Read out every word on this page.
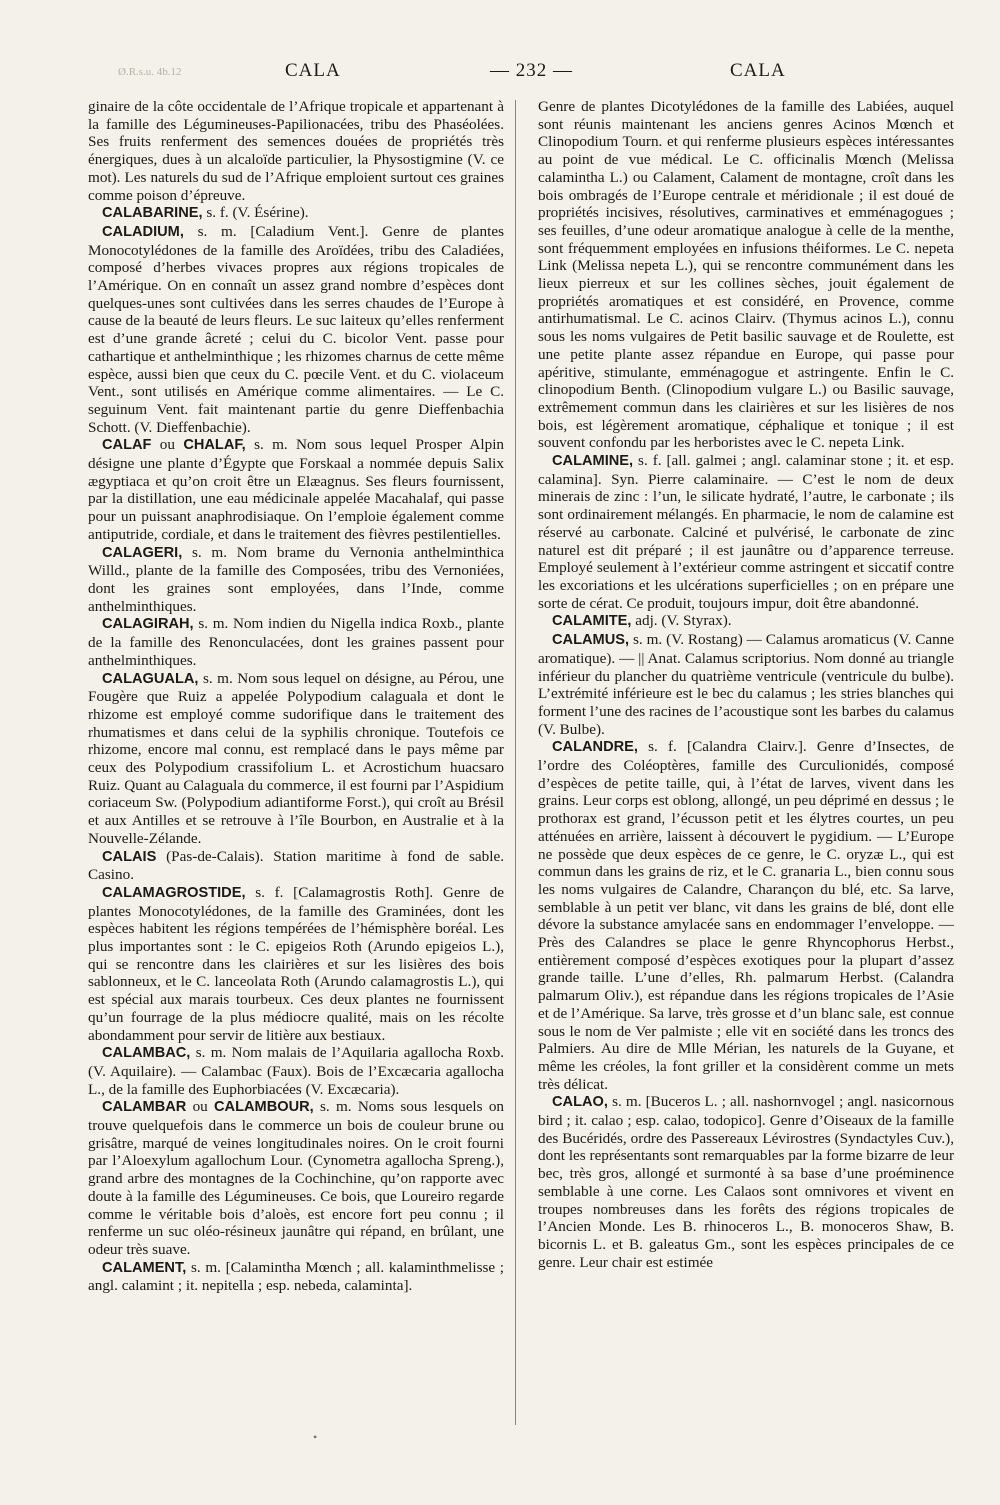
Ø.R.s.u. 4b.12	CALA	— 232 —	CALA

ginaire de la côte occidentale de l’Afrique tropicale et appartenant à la famille des Légumineuses-Papilionacées, tribu des Phaséolées. Ses fruits renferment des semences douées de propriétés très énergiques, dues à un alcaloïde particulier, la Physostigmine (V. ce mot). Les naturels du sud de l’Afrique emploient surtout ces graines comme poison d’épreuve.

CALABARINE, s. f. (V. Ésérine).

CALADIUM, s. m. [Caladium Vent.]. Genre de plantes Monocotylédones de la famille des Aroïdées, tribu des Caladiées, composé d’herbes vivaces propres aux régions tropicales de l’Amérique. On en connaît un assez grand nombre d’espèces dont quelques-unes sont cultivées dans les serres chaudes de l’Europe à cause de la beauté de leurs fleurs. Le suc laiteux qu’elles renferment est d’une grande âcreté ; celui du C. bicolor Vent. passe pour cathartique et anthelminthique ; les rhizomes charnus de cette même espèce, aussi bien que ceux du C. pœcile Vent. et du C. violaceum Vent., sont utilisés en Amérique comme alimentaires. — Le C. seguinum Vent. fait maintenant partie du genre Dieffenbachia Schott. (V. Dieffenbachie).

CALAF ou CHALAF, s. m. Nom sous lequel Prosper Alpin désigne une plante d’Égypte que Forskaal a nommée depuis Salix ægyptiaca et qu’on croit être un Elæagnus. Ses fleurs fournissent, par la distillation, une eau médicinale appelée Macahalaf, qui passe pour un puissant anaphrodisiaque. On l’emploie également comme antiputride, cordiale, et dans le traitement des fièvres pestilentielles.

CALAGERI, s. m. Nom brame du Vernonia anthelminthica Willd., plante de la famille des Composées, tribu des Vernoniées, dont les graines sont employées, dans l’Inde, comme anthelminthiques.

CALAGIRAH, s. m. Nom indien du Nigella indica Roxb., plante de la famille des Renonculacées, dont les graines passent pour anthelminthiques.

CALAGUALA, s. m. Nom sous lequel on désigne, au Pérou, une Fougère que Ruiz a appelée Polypodium calaguala et dont le rhizome est employé comme sudorifique dans le traitement des rhumatismes et dans celui de la syphilis chronique. Toutefois ce rhizome, encore mal connu, est remplacé dans le pays même par ceux des Polypodium crassifolium L. et Acrostichum huacsaro Ruiz. Quant au Calaguala du commerce, il est fourni par l’Aspidium coriaceum Sw. (Polypodium adiantiforme Forst.), qui croît au Brésil et aux Antilles et se retrouve à l’île Bourbon, en Australie et à la Nouvelle-Zélande.

CALAIS (Pas-de-Calais). Station maritime à fond de sable. Casino.

CALAMAGROSTIDE, s. f. [Calamagrostis Roth]. Genre de plantes Monocotylédones, de la famille des Graminées, dont les espèces habitent les régions tempérées de l’hémisphère boréal. Les plus importantes sont : le C. epigeios Roth (Arundo epigeios L.), qui se rencontre dans les clairières et sur les lisières des bois sablonneux, et le C. lanceolata Roth (Arundo calamagrostis L.), qui est spécial aux marais tourbeux. Ces deux plantes ne fournissent qu’un fourrage de la plus médiocre qualité, mais on les récolte abondamment pour servir de litière aux bestiaux.

CALAMBAC, s. m. Nom malais de l’Aquilaria agallocha Roxb. (V. Aquilaire). — Calambac (Faux). Bois de l’Excæcaria agallocha L., de la famille des Euphorbiacées (V. Excæcaria).

CALAMBAR ou CALAMBOUR, s. m. Noms sous lesquels on trouve quelquefois dans le commerce un bois de couleur brune ou grisâtre, marqué de veines longitudinales noires. On le croit fourni par l’Aloexylum agallochum Lour. (Cynometra agallocha Spreng.), grand arbre des montagnes de la Cochinchine, qu’on rapporte avec doute à la famille des Légumineuses. Ce bois, que Loureiro regarde comme le véritable bois d’aloès, est encore fort peu connu ; il renferme un suc oléo-résineux jaunâtre qui répand, en brûlant, une odeur très suave.

CALAMENT, s. m. [Calamintha Mœnch ; all. kalaminthmelisse ; angl. calamint ; it. nepitella ; esp. nebeda, calaminta].

Genre de plantes Dicotylédones de la famille des Labiées, auquel sont réunis maintenant les anciens genres Acinos Mœnch et Clinopodium Tourn. et qui renferme plusieurs espèces intéressantes au point de vue médical. Le C. officinalis Mœnch (Melissa calamintha L.) ou Calament, Calament de montagne, croît dans les bois ombragés de l’Europe centrale et méridionale ; il est doué de propriétés incisives, résolutives, carminatives et emménagogues ; ses feuilles, d’une odeur aromatique analogue à celle de la menthe, sont fréquemment employées en infusions théiformes. Le C. nepeta Link (Melissa nepeta L.), qui se rencontre communément dans les lieux pierreux et sur les collines sèches, jouit également de propriétés aromatiques et est considéré, en Provence, comme antirhumatismal. Le C. acinos Clairv. (Thymus acinos L.), connu sous les noms vulgaires de Petit basilic sauvage et de Roulette, est une petite plante assez répandue en Europe, qui passe pour apéritive, stimulante, emménagogue et astringente. Enfin le C. clinopodium Benth. (Clinopodium vulgare L.) ou Basilic sauvage, extrêmement commun dans les clairières et sur les lisières de nos bois, est légèrement aromatique, céphalique et tonique ; il est souvent confondu par les herboristes avec le C. nepeta Link.

CALAMINE, s. f. [all. galmei ; angl. calaminar stone ; it. et esp. calamina]. Syn. Pierre calaminaire. — C’est le nom de deux minerais de zinc : l’un, le silicate hydraté, l’autre, le carbonate ; ils sont ordinairement mélangés. En pharmacie, le nom de calamine est réservé au carbonate. Calciné et pulvérisé, le carbonate de zinc naturel est dit préparé ; il est jaunâtre ou d’apparence terreuse. Employé seulement à l’extérieur comme astringent et siccatif contre les excoriations et les ulcérations superficielles ; on en prépare une sorte de cérat. Ce produit, toujours impur, doit être abandonné.

CALAMITE, adj. (V. Styrax).

CALAMUS, s. m. (V. Rostang) — Calamus aromaticus (V. Canne aromatique). — || Anat. Calamus scriptorius. Nom donné au triangle inférieur du plancher du quatrième ventricule (ventricule du bulbe). L’extrémité inférieure est le bec du calamus ; les stries blanches qui forment l’une des racines de l’acoustique sont les barbes du calamus (V. Bulbe).

CALANDRE, s. f. [Calandra Clairv.]. Genre d’Insectes, de l’ordre des Coléoptères, famille des Curculionidés, composé d’espèces de petite taille, qui, à l’état de larves, vivent dans les grains. Leur corps est oblong, allongé, un peu déprimé en dessus ; le prothorax est grand, l’écusson petit et les élytres courtes, un peu atténuées en arrière, laissent à découvert le pygidium. — L’Europe ne possède que deux espèces de ce genre, le C. oryzæ L., qui est commun dans les grains de riz, et le C. granaria L., bien connu sous les noms vulgaires de Calandre, Charançon du blé, etc. Sa larve, semblable à un petit ver blanc, vit dans les grains de blé, dont elle dévore la substance amylacée sans en endommager l’enveloppe. — Près des Calandres se place le genre Rhyncophorus Herbst., entièrement composé d’espèces exotiques pour la plupart d’assez grande taille. L’une d’elles, Rh. palmarum Herbst. (Calandra palmarum Oliv.), est répandue dans les régions tropicales de l’Asie et de l’Amérique. Sa larve, très grosse et d’un blanc sale, est connue sous le nom de Ver palmiste ; elle vit en société dans les troncs des Palmiers. Au dire de Mlle Mérian, les naturels de la Guyane, et même les créoles, la font griller et la considèrent comme un mets très délicat.

CALAO, s. m. [Buceros L. ; all. nashornvogel ; angl. nasicornous bird ; it. calao ; esp. calao, todopico]. Genre d’Oiseaux de la famille des Bucéridés, ordre des Passereaux Lévirostres (Syndactyles Cuv.), dont les représentants sont remarquables par la forme bizarre de leur bec, très gros, allongé et surmonté à sa base d’une proéminence semblable à une corne. Les Calaos sont omnivores et vivent en troupes nombreuses dans les forêts des régions tropicales de l’Ancien Monde. Les B. rhinoceros L., B. monoceros Shaw, B. bicornis L. et B. galeatus Gm., sont les espèces principales de ce genre. Leur chair est estimée

•
